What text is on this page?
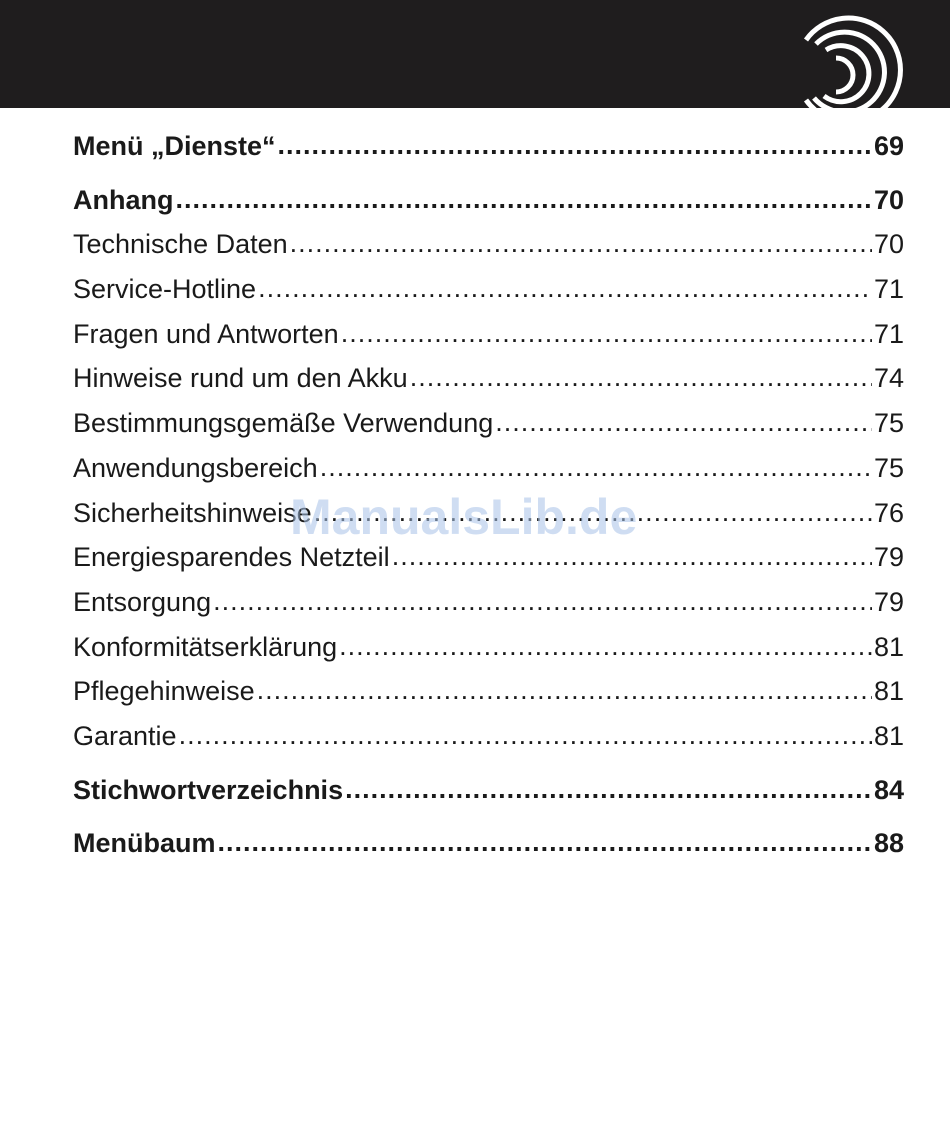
Menü „Dienste“ .....	69
Anhang .....	70
Technische Daten .....	70
Service-Hotline .....	71
Fragen und Antworten .....	71
Hinweise rund um den Akku .....	74
Bestimmungsgemäße Verwendung .....	75
Anwendungsbereich .....	75
Sicherheitshinweise .....	76
Energiesparendes Netzteil .....	79
Entsorgung .....	79
Konformitätserklärung .....	81
Pflegehinweise .....	81
Garantie .....	81
Stichwortverzeichnis .....	84
Menübaum .....	88
ManualsLib.de
